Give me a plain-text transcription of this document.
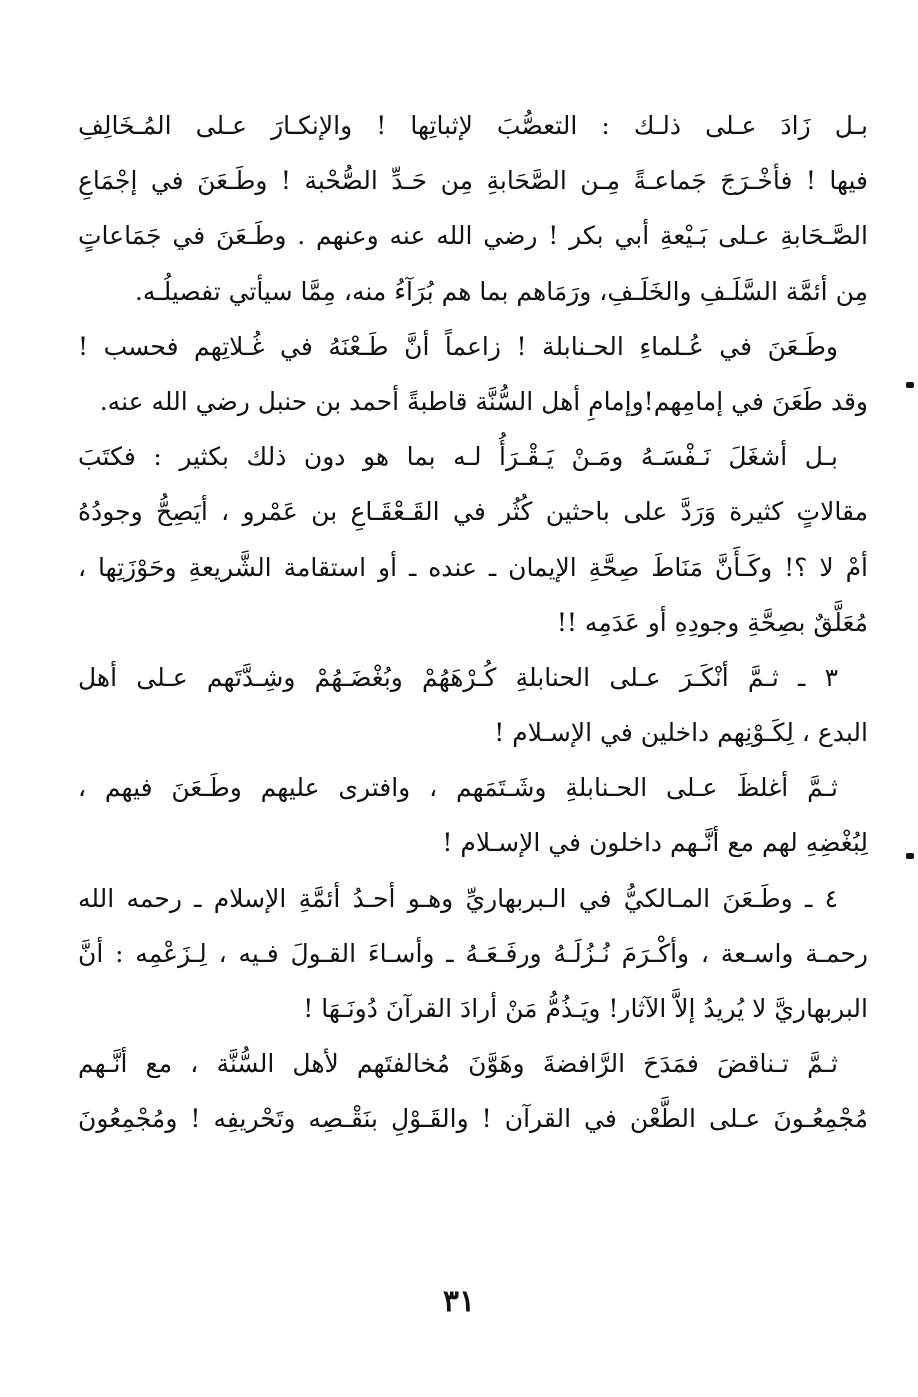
بـل زَادَ عـلى ذلـك : التعصُّبَ لإثباتِها ! والإنكـارَ عـلى المُـخَالِفِ
فيها ! فأخْـرَجَ جَماعـةً مِـن الصَّحَابةِ مِن حَـدِّ الصُّحْبة ! وطَـعَنَ في إجْمَاعِ
الصَّـحَابةِ عـلى بَـيْعةِ أبي بكر ! رضي الله عنه وعنهم . وطَـعَنَ في جَمَاعاتٍ
مِن أئمَّة السَّلَـفِ والخَلَـفِ، ورَمَاهم بما هم بُرَآءُ منه، مِمَّا سيأتي تفصيلُـه.
وطَـعَنَ في عُـلماءِ الحـنابلة ! زاعماً أنَّ طَـعْنَهُ في غُـلاتِهم فحسب !
وقد طَعَنَ في إمامِهم!وإمامِ أهل السُّنَّة قاطبةً أحمد بن حنبل رضي الله عنه.
بـل أشغَلَ نَـفْسَـهُ ومَـنْ يَـقْـرَأُ لـه بما هو دون ذلك بكثير : فكتَبَ
مقالاتٍ كثيرة وَرَدَّ على باحثين كُثُر في القَـعْقَـاعِ بن عَمْرو ، أيَصِحُّ وجودُهُ
أمْ لا ؟! وكَـأَنَّ مَنَاطَ صِحَّةِ الإيمان ـ عنده ـ أو استقامة الشَّريعةِ وحَوْزَتِها ،
مُعَلَّقٌ بصِحَّةِ وجودِهِ أو عَدَمِه !!
٣ ـ ثـمَّ أنْكَـرَ عـلى الحنابلةِ كُـرْهَهُمْ وبُغْضَـهُمْ وشِـدَّتَهم عـلى أهل
البدع ، لِكَـوْنِهم داخلين في الإسـلام !
ثـمَّ أغلظَ عـلى الحـنابلةِ وشَـتَمَهم ، وافترى عليهم وطَـعَنَ فيهم ،
لِبُغْضِهِ لهم مع أنَّـهم داخلون في الإسـلام !
٤ ـ وطَـعَنَ المـالكيُّ في الـبربهاريِّ وهـو أحـدُ أئمَّةِ الإسلام ـ رحمه الله
رحمـة واسـعة ، وأكْـرَمَ نُـزُلَـهُ ورفَـعَـهُ ـ وأسـاءَ القـولَ فـيه ، لِـزَعْمِه : أنَّ
البربهاريَّ لا يُريدُ إلاَّ الآثار! ويَـذُمُّ مَنْ أرادَ القرآنَ دُونَـهَا !
ثـمَّ تـناقضَ فمَدَحَ الرَّافضةَ وهَوَّنَ مُخالفتَهم لأهل السُّنَّة ، مع أنَّـهم
مُجْمِعُـونَ عـلى الطَّعْن في القرآن ! والقَـوْلِ بنَقْـصِه وتَحْريفِه ! ومُجْمِعُونَ
٣١
